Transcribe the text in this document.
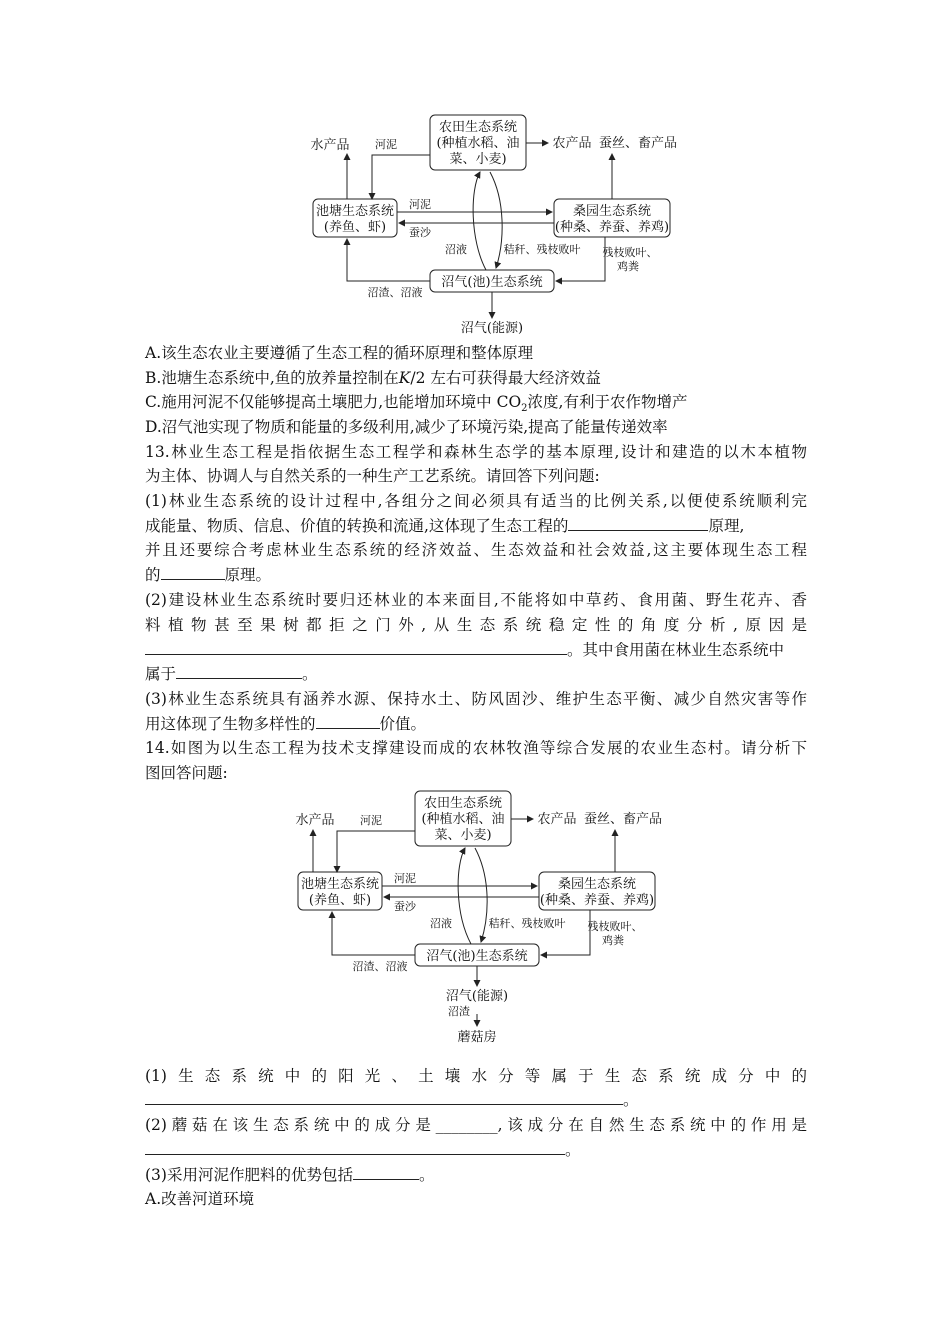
农田生态系统
(种植水稻、油
菜、小麦)
池塘生态系统
(养鱼、虾)
桑园生态系统
(种桑、养蚕、养鸡)
沼气(池)生态系统
水产品	农产品 蚕丝、畜产品
沼气(能源)
河泥
河泥
蚕沙
沼液	秸秆、残枝败叶 残枝败叶、
鸡粪
沼渣、沼液
A.该生态农业主要遵循了生态工程的循环原理和整体原理
B.池塘生态系统中,鱼的放养量控制在K/2 左右可获得最大经济效益
C.施用河泥不仅能够提高土壤肥力,也能增加环境中 $CO_2$浓度,有利于农作物增产
D.沼气池实现了物质和能量的多级利用,减少了环境污染,提高了能量传递效率
13.林业生态工程是指依据生态工程学和森林生态学的基本原理,设计和建造的以木本植物
为主体、协调人与自然关系的一种生产工艺系统。请回答下列问题:
(1)林业生态系统的设计过程中,各组分之间必须具有适当的比例关系,以便使系统顺利完
成能量、物质、信息、价值的转换和流通,这体现了生态工程的	原理,
并且还要综合考虑林业生态系统的经济效益、生态效益和社会效益,这主要体现生态工程
的	原理。
(2)建设林业生态系统时要归还林业的本来面目,不能将如中草药、食用菌、野生花卉、香
料植物甚至果树都拒之门外,从生态系统稳定性的角度分析,原因是
。其中食用菌在林业生态系统中
属于	。
(3)林业生态系统具有涵养水源、保持水土、防风固沙、维护生态平衡、减少自然灾害等作
用这体现了生物多样性的	价值。
14.如图为以生态工程为技术支撑建设而成的农林牧渔等综合发展的农业生态村。请分析下
图回答问题:
农田生态系统
(种植水稻、油
菜、小麦)
池塘生态系统
(养鱼、虾)
桑园生态系统
(种桑、养蚕、养鸡)
沼气(池)生态系统
水产品	农产品 蚕丝、畜产品
沼气(能源)
蘑菇房
河泥
河泥
蚕沙
沼液	秸秆、残枝败叶 残枝败叶、
鸡粪
沼渣、沼液
沼渣
(1)生态系统中的阳光、土壤水分等属于生态系统成分中的
。
(2)蘑菇在该生态系统中的成分是________,该成分在自然生态系统中的作用是
。
(3)采用河泥作肥料的优势包括	。
A.改善河道环境
